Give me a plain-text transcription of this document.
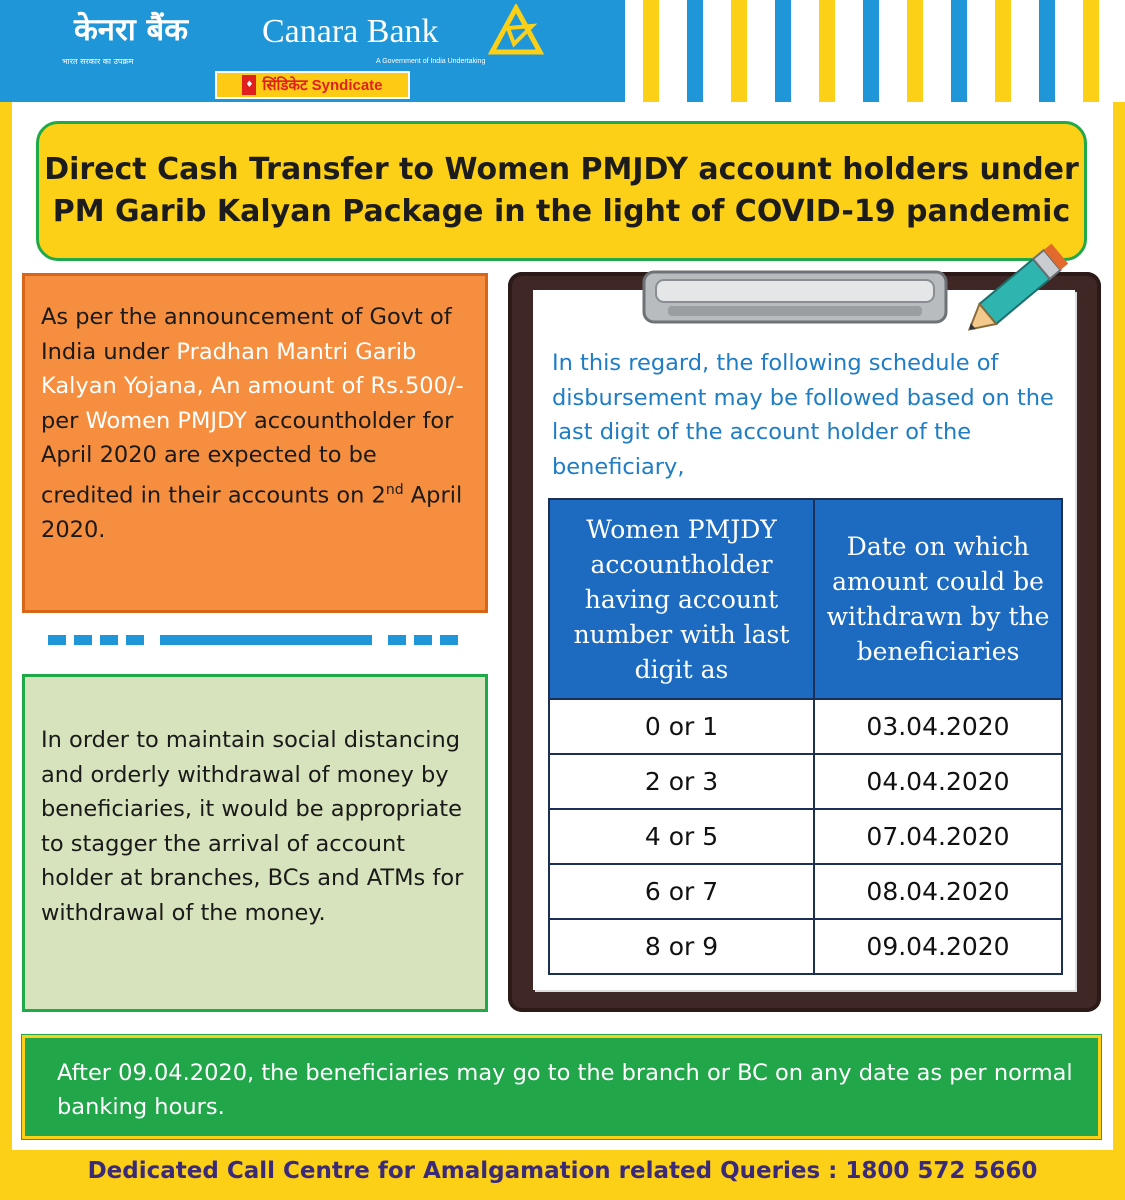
केनरा बैंक
भारत सरकार का उपक्रम
Canara Bank
A Government of India Undertaking
♦ सिंडिकेट Syndicate
Direct Cash Transfer to Women PMJDY account holders under
PM Garib Kalyan Package in the light of COVID-19 pandemic
As per the announcement of Govt of India under Pradhan Mantri Garib Kalyan Yojana, An amount of Rs.500/- per Women PMJDY accountholder for April 2020 are expected to be credited in their accounts on 2nd April 2020.
In order to maintain social distancing and orderly withdrawal of money by beneficiaries, it would be appropriate to stagger the arrival of account holder at branches, BCs and ATMs for withdrawal of the money.
In this regard, the following schedule of disbursement may be followed based on the last digit of the account holder of the beneficiary,
Women PMJDY accountholder having account number with last digit as	Date on which amount could be withdrawn by the beneficiaries
0 or 1	03.04.2020
2 or 3	04.04.2020
4 or 5	07.04.2020
6 or 7	08.04.2020
8 or 9	09.04.2020
After 09.04.2020, the beneficiaries may go to the branch or BC on any date as per normal banking hours.
Dedicated Call Centre for Amalgamation related Queries : 1800 572 5660
